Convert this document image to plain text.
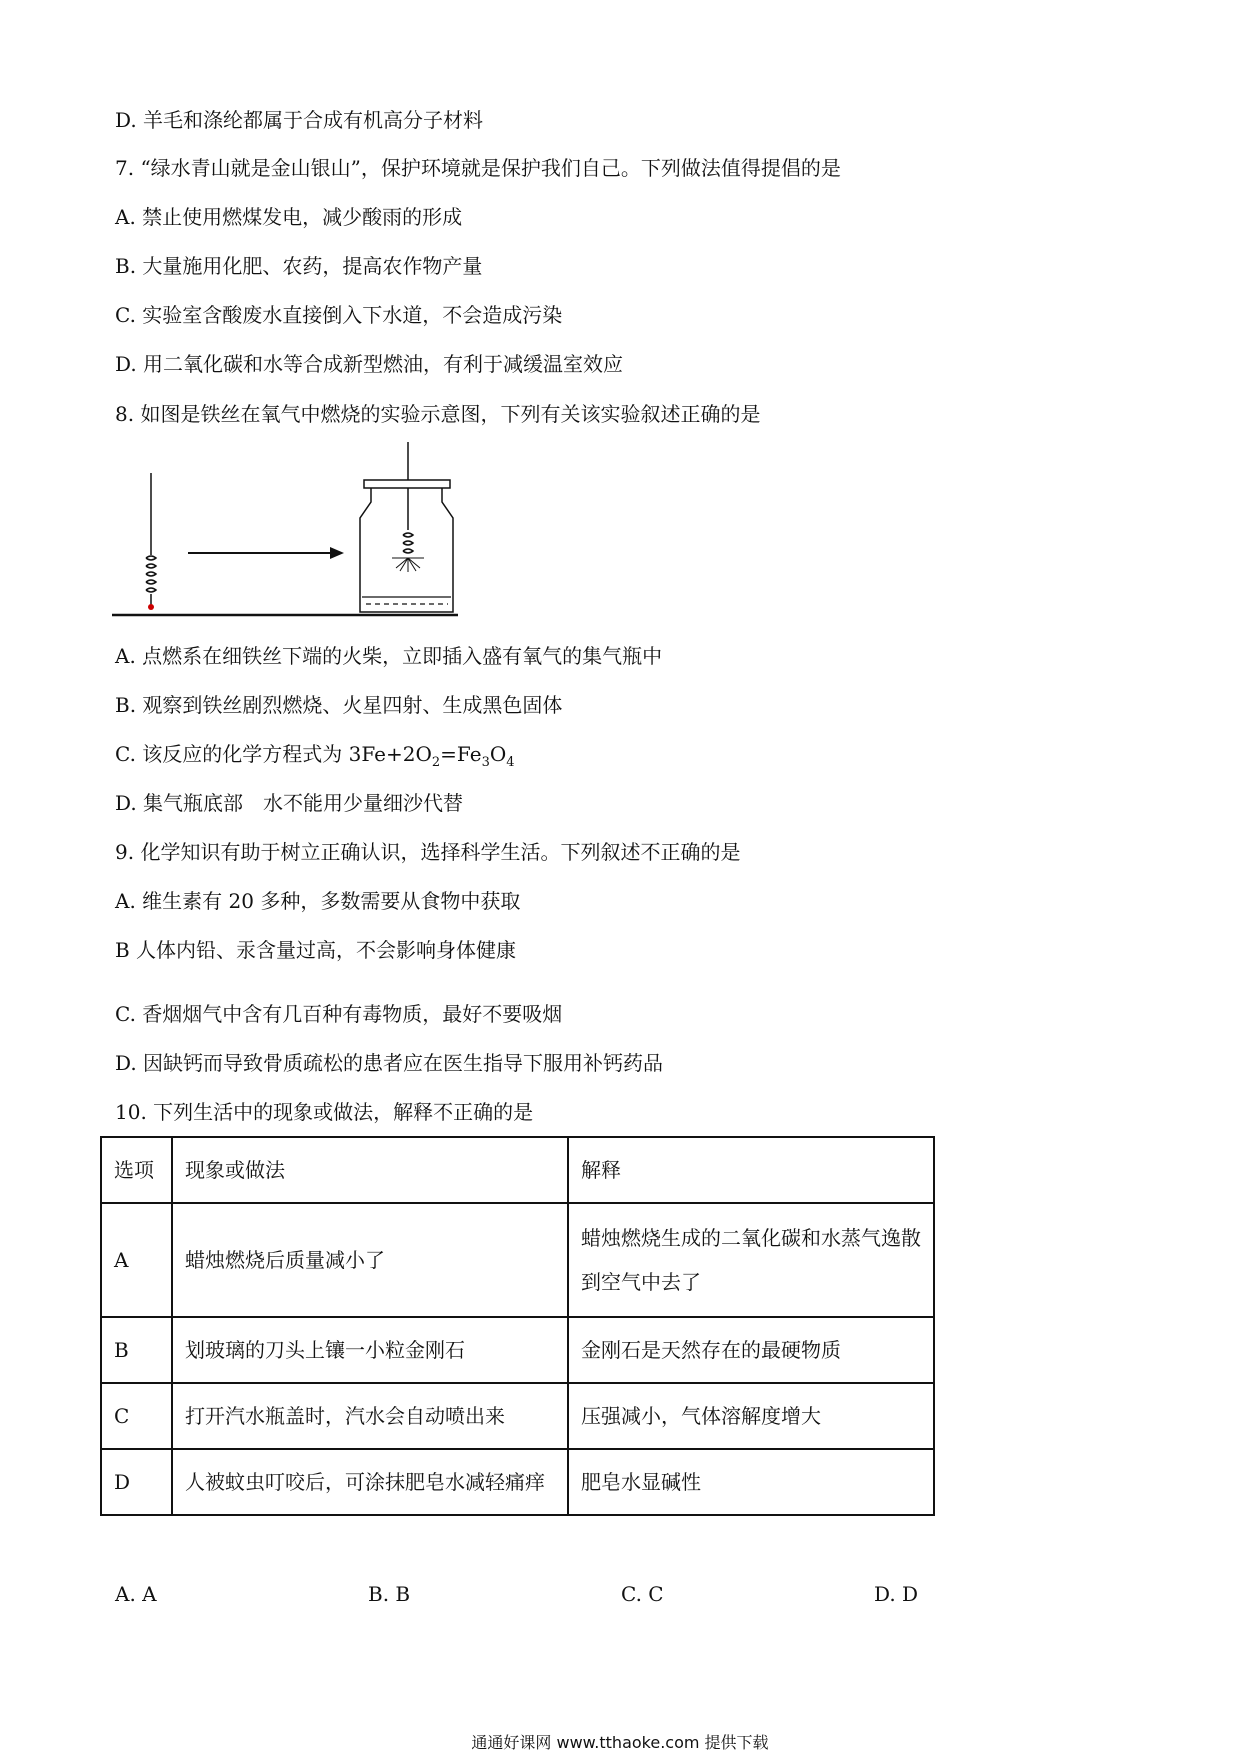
D. 羊毛和涤纶都属于合成有机高分子材料
7. “绿水青山就是金山银山”，保护环境就是保护我们自己。下列做法值得提倡的是
A. 禁止使用燃煤发电，减少酸雨的形成
B. 大量施用化肥、农药，提高农作物产量
C. 实验室含酸废水直接倒入下水道，不会造成污染
D. 用二氧化碳和水等合成新型燃油，有利于减缓温室效应
8. 如图是铁丝在氧气中燃烧的实验示意图，下列有关该实验叙述正确的是
A. 点燃系在细铁丝下端的火柴，立即插入盛有氧气的集气瓶中
B. 观察到铁丝剧烈燃烧、火星四射、生成黑色固体
C. 该反应的化学方程式为 $3Fe+2O_2=Fe_3O_4$
D. 集气瓶底部　水不能用少量细沙代替
9. 化学知识有助于树立正确认识，选择科学生活。下列叙述不正确的是
A. 维生素有 20 多种，多数需要从食物中获取
B 人体内铅、汞含量过高，不会影响身体健康
C. 香烟烟气中含有几百种有毒物质，最好不要吸烟
D. 因缺钙而导致骨质疏松的患者应在医生指导下服用补钙药品
10. 下列生活中的现象或做法，解释不正确的是
选项	现象或做法	解释
A	蜡烛燃烧后质量减小了	蜡烛燃烧生成的二氧化碳和水蒸气逸散到空气中去了
B	划玻璃的刀头上镶一小粒金刚石	金刚石是天然存在的最硬物质
C	打开汽水瓶盖时，汽水会自动喷出来	压强减小，气体溶解度增大
D	人被蚊虫叮咬后，可涂抹肥皂水减轻痛痒	肥皂水显碱性
A. A	B. B	C. C	D. D
通通好课网 www.tthaoke.com 提供下载
